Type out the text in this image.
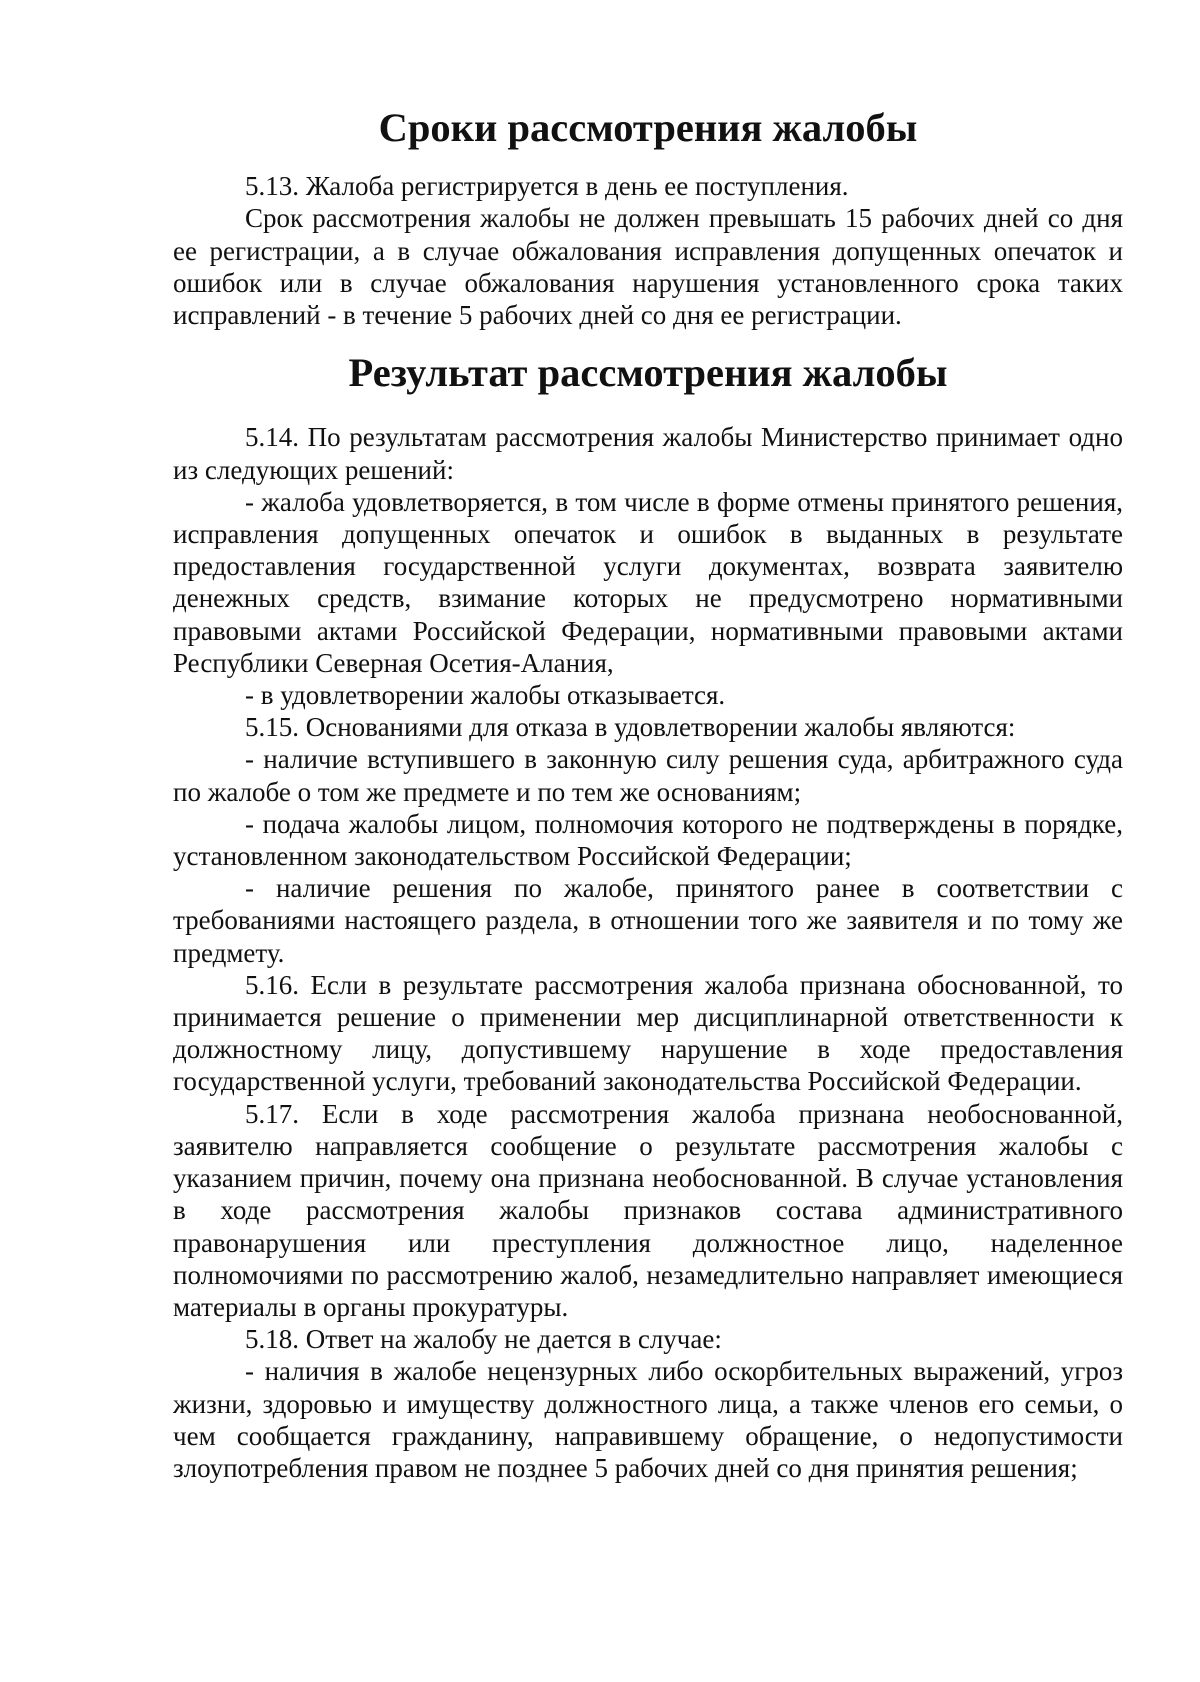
Сроки рассмотрения жалобы

5.13. Жалоба регистрируется в день ее поступления.

Срок рассмотрения жалобы не должен превышать 15 рабочих дней со дня ее регистрации, а в случае обжалования исправления допущенных опечаток и ошибок или в случае обжалования нарушения установленного срока таких исправлений - в течение 5 рабочих дней со дня ее регистрации.

Результат рассмотрения жалобы

5.14. По результатам рассмотрения жалобы Министерство принимает одно из следующих решений:

- жалоба удовлетворяется, в том числе в форме отмены принятого решения, исправления допущенных опечаток и ошибок в выданных в результате предоставления государственной услуги документах, возврата заявителю денежных средств, взимание которых не предусмотрено нормативными правовыми актами Российской Федерации, нормативными правовыми актами Республики Северная Осетия-Алания,

- в удовлетворении жалобы отказывается.

5.15. Основаниями для отказа в удовлетворении жалобы являются:

- наличие вступившего в законную силу решения суда, арбитражного суда по жалобе о том же предмете и по тем же основаниям;

- подача жалобы лицом, полномочия которого не подтверждены в порядке, установленном законодательством Российской Федерации;

- наличие решения по жалобе, принятого ранее в соответствии с требованиями настоящего раздела, в отношении того же заявителя и по тому же предмету.

5.16. Если в результате рассмотрения жалоба признана обоснованной, то принимается решение о применении мер дисциплинарной ответственности к должностному лицу, допустившему нарушение в ходе предоставления государственной услуги, требований законодательства Российской Федерации.

5.17. Если в ходе рассмотрения жалоба признана необоснованной, заявителю направляется сообщение о результате рассмотрения жалобы с указанием причин, почему она признана необоснованной. В случае установления в ходе рассмотрения жалобы признаков состава административного правонарушения или преступления должностное лицо, наделенное полномочиями по рассмотрению жалоб, незамедлительно направляет имеющиеся материалы в органы прокуратуры.

5.18. Ответ на жалобу не дается в случае:

- наличия в жалобе нецензурных либо оскорбительных выражений, угроз жизни, здоровью и имуществу должностного лица, а также членов его семьи, о чем сообщается гражданину, направившему обращение, о недопустимости злоупотребления правом не позднее 5 рабочих дней со дня принятия решения;
